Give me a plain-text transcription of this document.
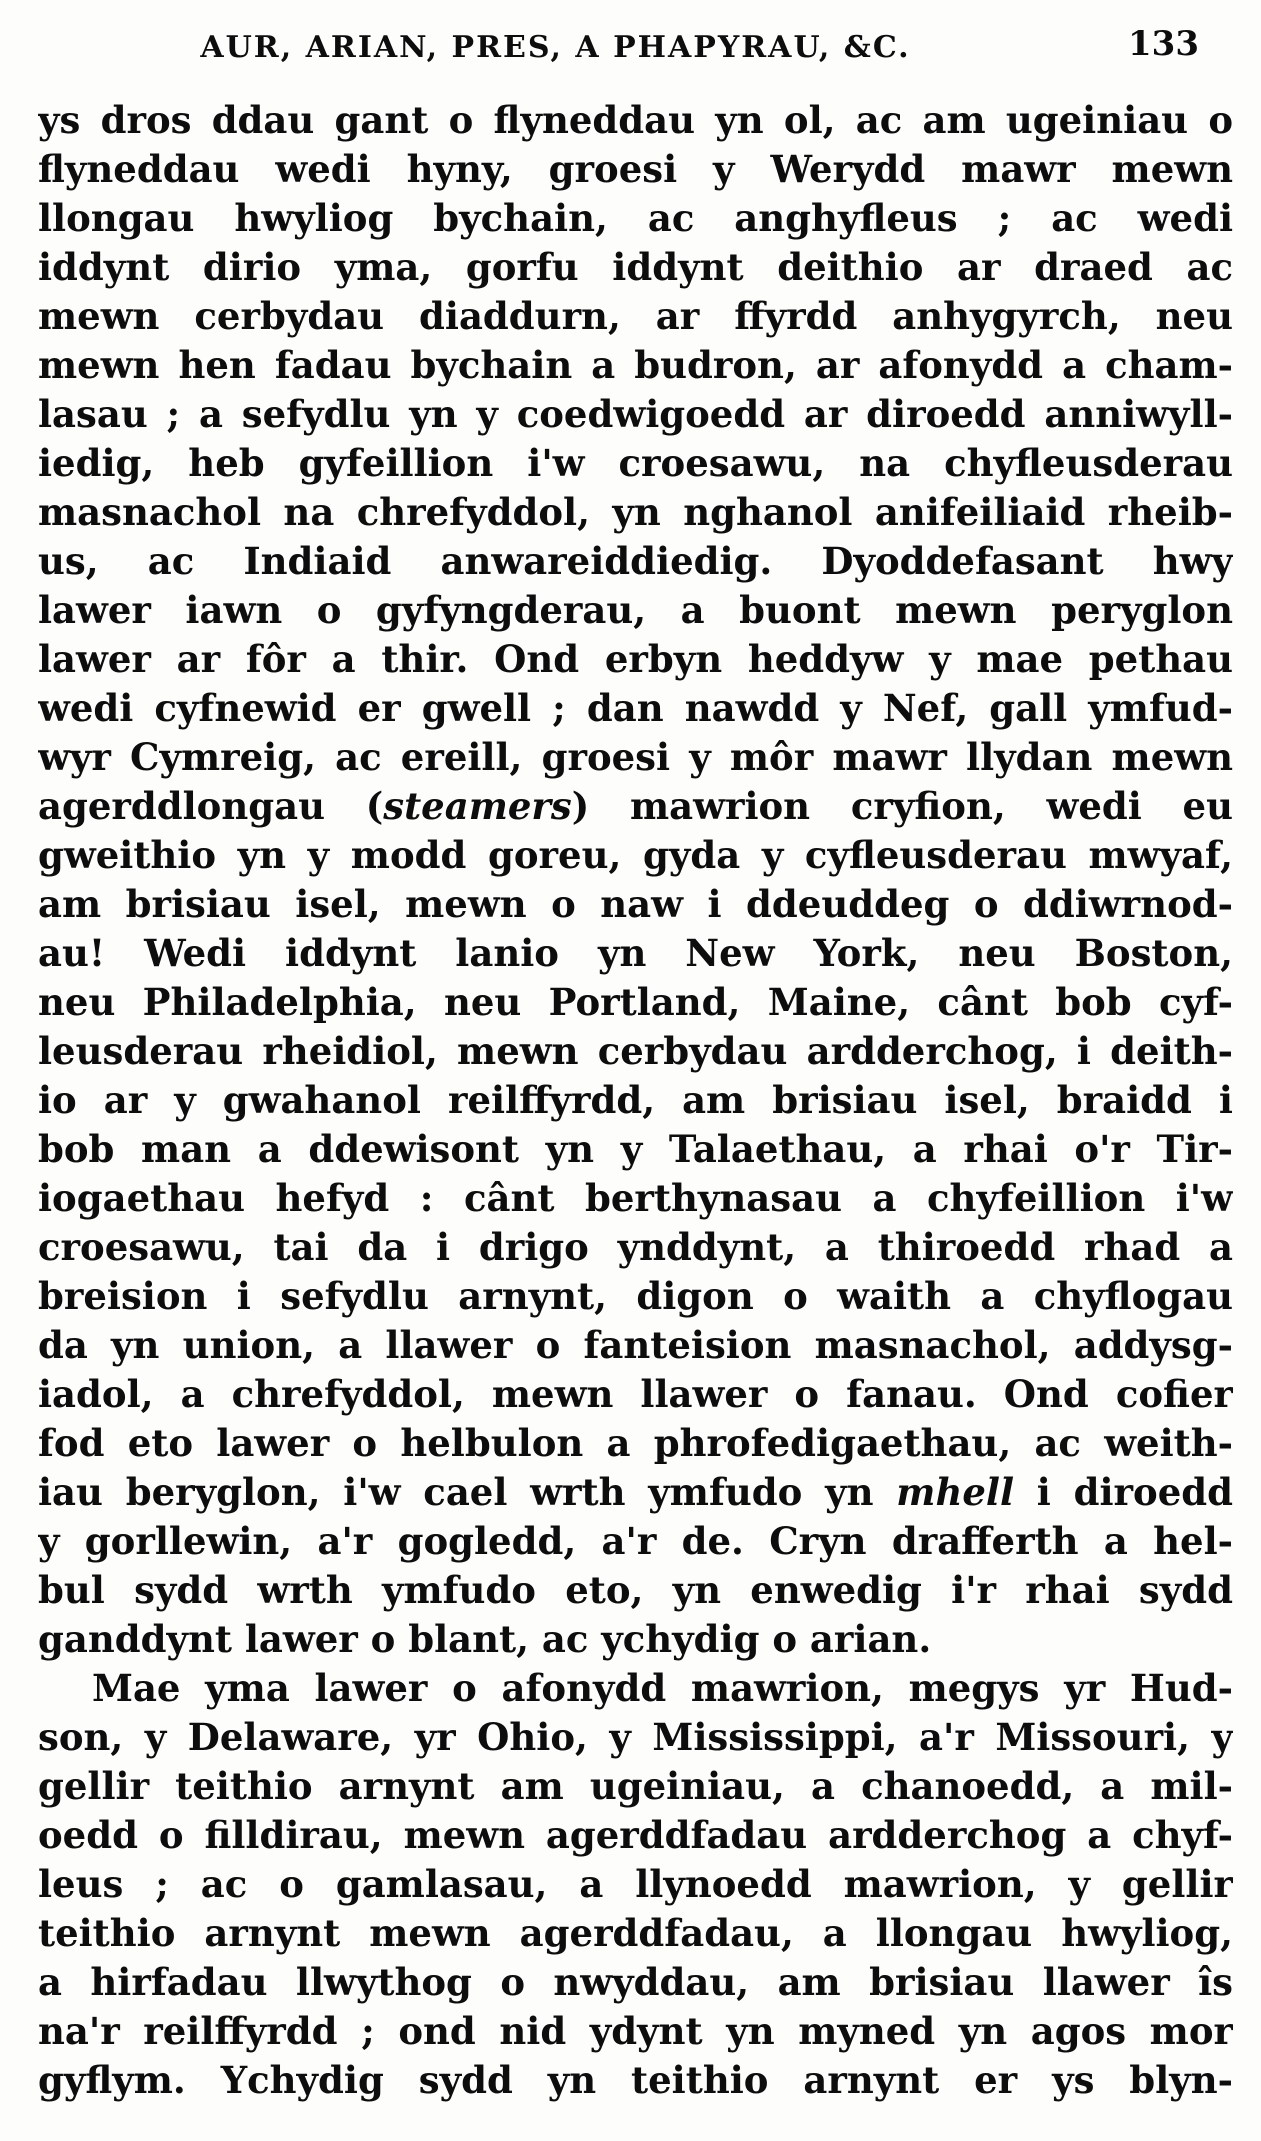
AUR, ARIAN, PRES, A PHAPYRAU, &C.	133
ys dros ddau gant o flyneddau yn ol, ac am ugeiniau o
flyneddau wedi hyny, groesi y Werydd mawr mewn
llongau hwyliog bychain, ac anghyfleus ; ac wedi
iddynt dirio yma, gorfu iddynt deithio ar draed ac
mewn cerbydau diaddurn, ar ffyrdd anhygyrch, neu
mewn hen fadau bychain a budron, ar afonydd a cham-
lasau ; a sefydlu yn y coedwigoedd ar diroedd anniwyll-
iedig, heb gyfeillion i'w croesawu, na chyfleusderau
masnachol na chrefyddol, yn nghanol anifeiliaid rheib-
us, ac Indiaid anwareiddiedig. Dyoddefasant hwy
lawer iawn o gyfyngderau, a buont mewn peryglon
lawer ar fôr a thir. Ond erbyn heddyw y mae pethau
wedi cyfnewid er gwell ; dan nawdd y Nef, gall ymfud-
wyr Cymreig, ac ereill, groesi y môr mawr llydan mewn
agerddlongau (steamers) mawrion cryfion, wedi eu
gweithio yn y modd goreu, gyda y cyfleusderau mwyaf,
am brisiau isel, mewn o naw i ddeuddeg o ddiwrnod-
au! Wedi iddynt lanio yn New York, neu Boston,
neu Philadelphia, neu Portland, Maine, cânt bob cyf-
leusderau rheidiol, mewn cerbydau ardderchog, i deith-
io ar y gwahanol reilffyrdd, am brisiau isel, braidd i
bob man a ddewisont yn y Talaethau, a rhai o'r Tir-
iogaethau hefyd : cânt berthynasau a chyfeillion i'w
croesawu, tai da i drigo ynddynt, a thiroedd rhad a
breision i sefydlu arnynt, digon o waith a chyflogau
da yn union, a llawer o fanteision masnachol, addysg-
iadol, a chrefyddol, mewn llawer o fanau. Ond cofier
fod eto lawer o helbulon a phrofedigaethau, ac weith-
iau beryglon, i'w cael wrth ymfudo yn mhell i diroedd
y gorllewin, a'r gogledd, a'r de. Cryn drafferth a hel-
bul sydd wrth ymfudo eto, yn enwedig i'r rhai sydd
ganddynt lawer o blant, ac ychydig o arian.
Mae yma lawer o afonydd mawrion, megys yr Hud-
son, y Delaware, yr Ohio, y Mississippi, a'r Missouri, y
gellir teithio arnynt am ugeiniau, a chanoedd, a mil-
oedd o filldirau, mewn agerddfadau ardderchog a chyf-
leus ; ac o gamlasau, a llynoedd mawrion, y gellir
teithio arnynt mewn agerddfadau, a llongau hwyliog,
a hirfadau llwythog o nwyddau, am brisiau llawer îs
na'r reilffyrdd ; ond nid ydynt yn myned yn agos mor
gyflym. Ychydig sydd yn teithio arnynt er ys blyn-
